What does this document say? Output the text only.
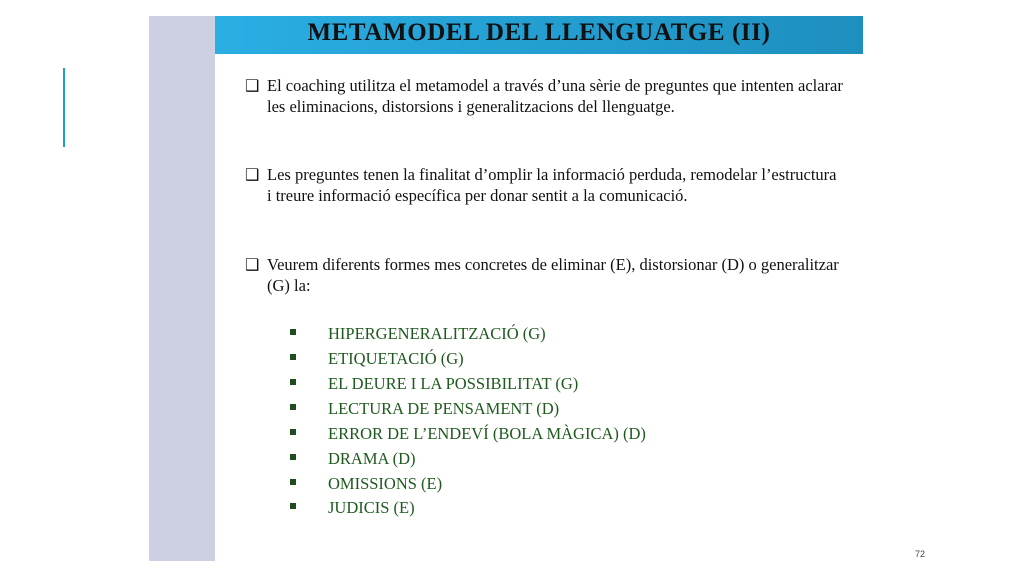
METAMODEL DEL LLENGUATGE (II)
❑ El coaching utilitza el metamodel a través d’una sèrie de preguntes que intenten aclarar les eliminacions, distorsions i generalitzacions del llenguatge.
❑ Les preguntes tenen la finalitat d’omplir la informació perduda, remodelar l’estructura i treure informació específica per donar sentit a la comunicació.
❑ Veurem diferents formes mes concretes de eliminar (E), distorsionar (D) o generalitzar (G) la:
HIPERGENERALITZACIÓ (G)
ETIQUETACIÓ (G)
EL DEURE I LA POSSIBILITAT (G)
LECTURA DE PENSAMENT (D)
ERROR DE L’ENDEVÍ (BOLA MÀGICA) (D)
DRAMA (D)
OMISSIONS (E)
JUDICIS (E)
72
